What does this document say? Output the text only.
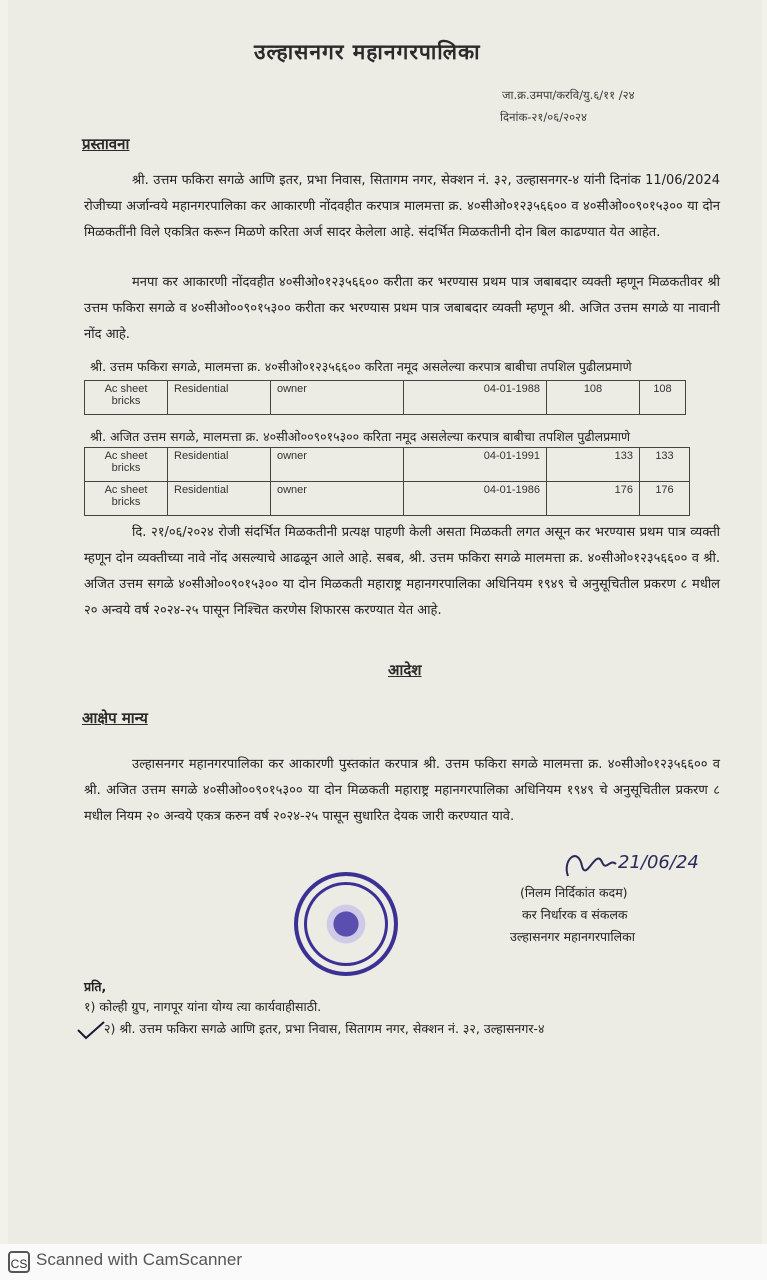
उल्हासनगर महानगरपालिका
जा.क्र.उमपा/करवि/यु.६/११ /२४
दिनांक-२१/०६/२०२४
प्रस्तावना
श्री. उत्तम फकिरा सगळे आणि इतर, प्रभा निवास, सितागम नगर, सेक्शन नं. ३२, उल्हासनगर-४ यांनी दिनांक 11/06/2024 रोजीच्या अर्जान्वये महानगरपालिका कर आकारणी नोंदवहीत करपात्र मालमत्ता क्र. ४०सीओ०१२३५६६०० व ४०सीओ००९०१५३०० या दोन मिळकतींनी विले एकत्रित करून मिळणे करिता अर्ज सादर केलेला आहे. संदर्भित मिळकतीनी दोन बिल काढण्यात येत आहेत.
मनपा कर आकारणी नोंदवहीत ४०सीओ०१२३५६६०० करीता कर भरण्यास प्रथम पात्र जबाबदार व्यक्ती म्हणून मिळकतीवर श्री उत्तम फकिरा सगळे व ४०सीओ००९०१५३०० करीता कर भरण्यास प्रथम पात्र जबाबदार व्यक्ती म्हणून श्री. अजित उत्तम सगळे या नावानी नोंद आहे.
श्री. उत्तम फकिरा सगळे, मालमत्ता क्र. ४०सीओ०१२३५६६०० करिता नमूद असलेल्या करपात्र बाबीचा तपशिल पुढीलप्रमाणे
Ac sheet
bricks
	Residential	owner	04-01-1988	108	108
श्री. अजित उत्तम सगळे, मालमत्ता क्र. ४०सीओ००९०१५३०० करिता नमूद असलेल्या करपात्र बाबीचा तपशिल पुढीलप्रमाणे
Ac sheet
bricks	Residential	owner	04-01-1991	133	133

Ac sheet
bricks	Residential	owner	04-01-1986	176	176
दि. २१/०६/२०२४ रोजी संदर्भित मिळकतीनी प्रत्यक्ष पाहणी केली असता मिळकती लगत असून कर भरण्यास प्रथम पात्र व्यक्ती म्हणून दोन व्यक्तीच्या नावे नोंद असल्याचे आढळून आले आहे. सबब, श्री. उत्तम फकिरा सगळे मालमत्ता क्र. ४०सीओ०१२३५६६०० व श्री. अजित उत्तम सगळे ४०सीओ००९०१५३०० या दोन मिळकती महाराष्ट्र महानगरपालिका अधिनियम १९४९ चे अनुसूचितील प्रकरण ८ मधील २० अन्वये वर्ष २०२४-२५ पासून निश्चित करणेस शिफारस करण्यात येत आहे.
आदेश
आक्षेप मान्य
उल्हासनगर महानगरपालिका कर आकारणी पुस्तकांत करपात्र श्री. उत्तम फकिरा सगळे मालमत्ता क्र. ४०सीओ०१२३५६६०० व श्री. अजित उत्तम सगळे ४०सीओ००९०१५३०० या दोन मिळकती महाराष्ट्र महानगरपालिका अधिनियम १९४९ चे अनुसूचितील प्रकरण ८ मधील नियम २० अन्वये एकत्र करुन वर्ष २०२४-२५ पासून सुधारित देयक जारी करण्यात यावे.
21/06/24
(निलम निर्दिकांत कदम)
कर निर्धारक व संकलक
उल्हासनगर महानगरपालिका
प्रति,
१) कोल्ही ग्रुप, नागपूर यांना योग्य त्या कार्यवाहीसाठी.
२) श्री. उत्तम फकिरा सगळे आणि इतर, प्रभा निवास, सितागम नगर, सेक्शन नं. ३२, उल्हासनगर-४
CS Scanned with CamScanner
